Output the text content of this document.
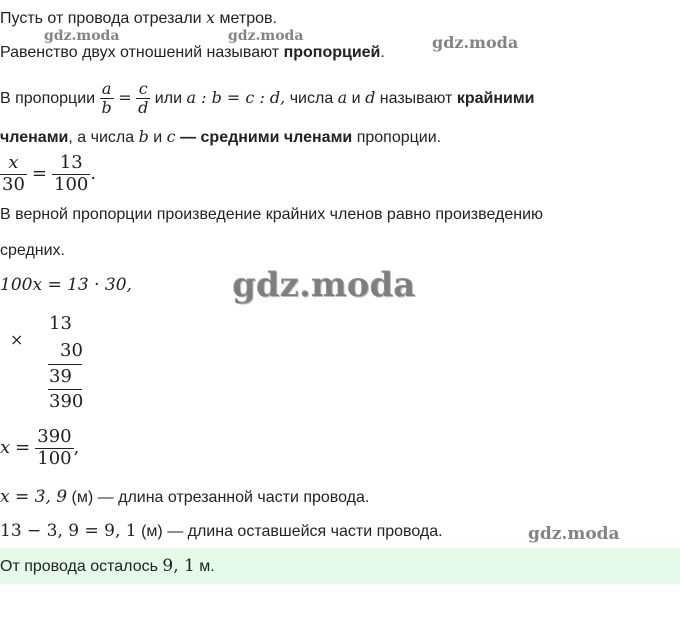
Пусть от провода отрезали x метров.
Равенство двух отношений называют пропорцией.
В пропорции $\frac{a}{b} = \frac{c}{d}$ или a : b = c : d, числа a и d называют крайними
членами, а числа b и c — средними членами пропорции.
$\frac{x}{30} = \frac{13}{100}$ .
В верной пропорции произведение крайних членов равно произведению
средних.
100x = 13 · 30,
×
13
30
39
390
$x = \frac{390}{100}$ ,
x = 3, 9 (м) — длина отрезанной части провода.
13 − 3, 9 = 9, 1 (м) — длина оставшейся части провода.
От провода осталось 9, 1 м.
gdz.moda	gdz.moda	gdz.moda
gdz.moda
gdz.moda
